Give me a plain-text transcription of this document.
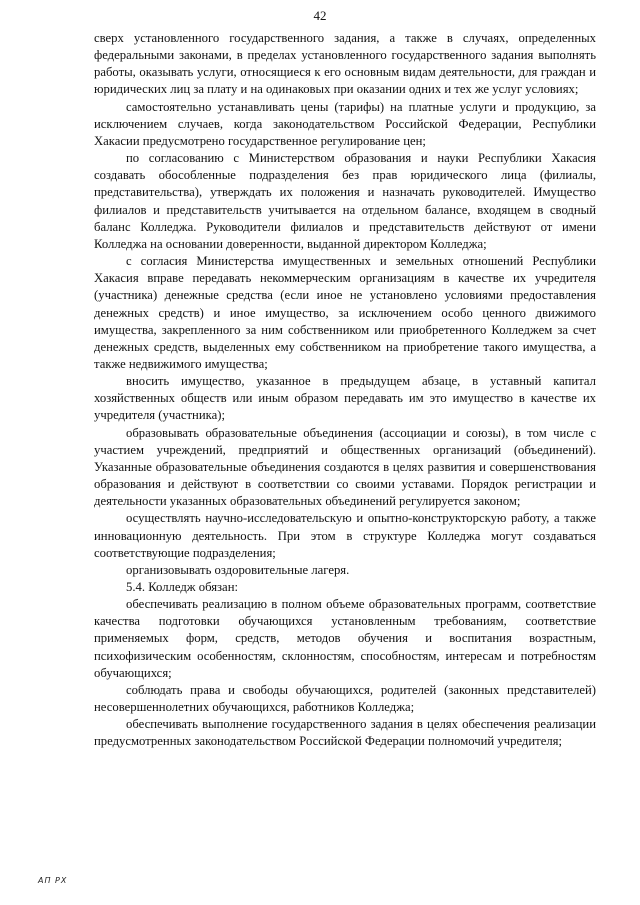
42

сверх установленного государственного задания, а также в случаях, определенных федеральными законами, в пределах установленного государственного задания выполнять работы, оказывать услуги, относящиеся к его основным видам деятельности, для граждан и юридических лиц за плату и на одинаковых при оказании одних и тех же услуг условиях;

самостоятельно устанавливать цены (тарифы) на платные услуги и продукцию, за исключением случаев, когда законодательством Российской Федерации, Республики Хакасии предусмотрено государственное регулирование цен;

по согласованию с Министерством образования и науки Республики Хакасия создавать обособленные подразделения без прав юридического лица (филиалы, представительства), утверждать их положения и назначать руководителей. Имущество филиалов и представительств учитывается на отдельном балансе, входящем в сводный баланс Колледжа. Руководители филиалов и представительств действуют от имени Колледжа на основании доверенности, выданной директором Колледжа;

с согласия Министерства имущественных и земельных отношений Республики Хакасия вправе передавать некоммерческим организациям в качестве их учредителя (участника) денежные средства (если иное не установлено условиями предоставления денежных средств) и иное имущество, за исключением особо ценного движимого имущества, закрепленного за ним собственником или приобретенного Колледжем за счет денежных средств, выделенных ему собственником на приобретение такого имущества, а также недвижимого имущества;

вносить имущество, указанное в предыдущем абзаце, в уставный капитал хозяйственных обществ или иным образом передавать им это имущество в качестве их учредителя (участника);

образовывать образовательные объединения (ассоциации и союзы), в том числе с участием учреждений, предприятий и общественных организаций (объединений). Указанные образовательные объединения создаются в целях развития и совершенствования образования и действуют в соответствии со своими уставами. Порядок регистрации и деятельности указанных образовательных объединений регулируется законом;

осуществлять научно-исследовательскую и опытно-конструкторскую работу, а также инновационную деятельность. При этом в структуре Колледжа могут создаваться соответствующие подразделения;

организовывать оздоровительные лагеря.

5.4. Колледж обязан:

обеспечивать реализацию в полном объеме образовательных программ, соответствие качества подготовки обучающихся установленным требованиям, соответствие применяемых форм, средств, методов обучения и воспитания возрастным, психофизическим особенностям, склонностям, способностям, интересам и потребностям обучающихся;

соблюдать права и свободы обучающихся, родителей (законных представителей) несовершеннолетних обучающихся, работников Колледжа;

обеспечивать выполнение государственного задания в целях обеспечения реализации предусмотренных законодательством Российской Федерации полномочий учредителя;

АП РХ
